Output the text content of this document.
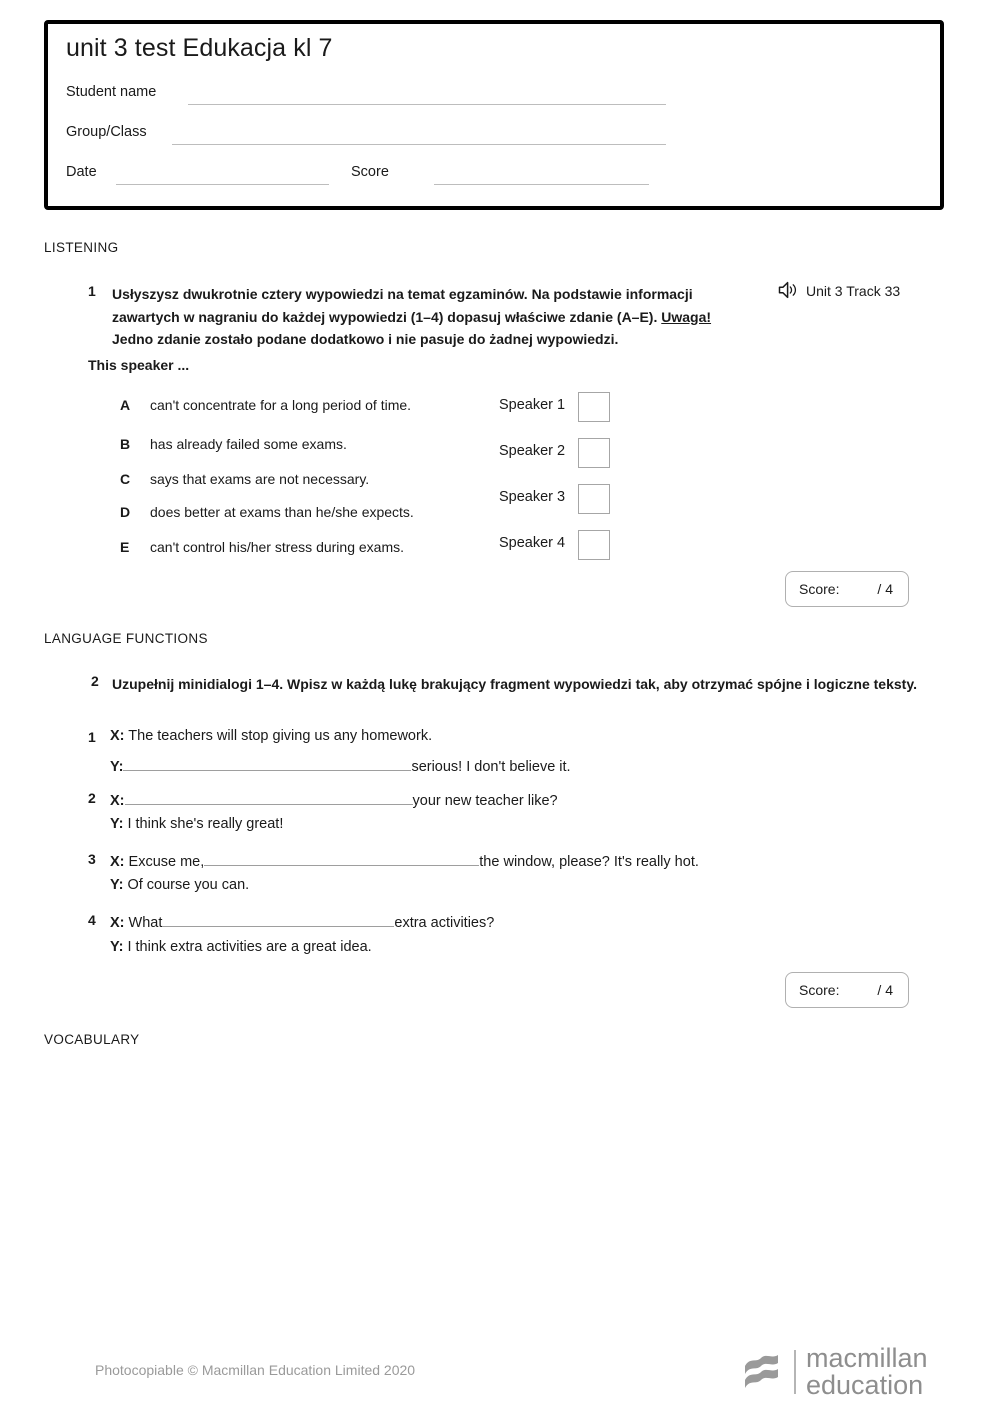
unit 3 test Edukacja kl 7
Student name
Group/Class
Date	Score
LISTENING
1 Usłyszysz dwukrotnie cztery wypowiedzi na temat egzaminów. Na podstawie informacji zawartych w nagraniu do każdej wypowiedzi (1–4) dopasuj właściwe zdanie (A–E). Uwaga! Jedno zdanie zostało podane dodatkowo i nie pasuje do żadnej wypowiedzi.
Unit 3 Track 33
This speaker ...
A can't concentrate for a long period of time.
B has already failed some exams.
C says that exams are not necessary.
D does better at exams than he/she expects.
E can't control his/her stress during exams.
Speaker 1
Speaker 2
Speaker 3
Speaker 4
Score:	/ 4
LANGUAGE FUNCTIONS
2 Uzupełnij minidialogi 1–4. Wpisz w każdą lukę brakujący fragment wypowiedzi tak, aby otrzymać spójne i logiczne teksty.
1 X: The teachers will stop giving us any homework.
Y:	serious! I don't believe it.
2 X:	your new teacher like?
Y: I think she's really great!
3 X: Excuse me,	the window, please? It's really hot.
Y: Of course you can.
4 X: What	extra activities?
Y: I think extra activities are a great idea.
Score:	/ 4
VOCABULARY
Photocopiable © Macmillan Education Limited 2020	macmillan
education
